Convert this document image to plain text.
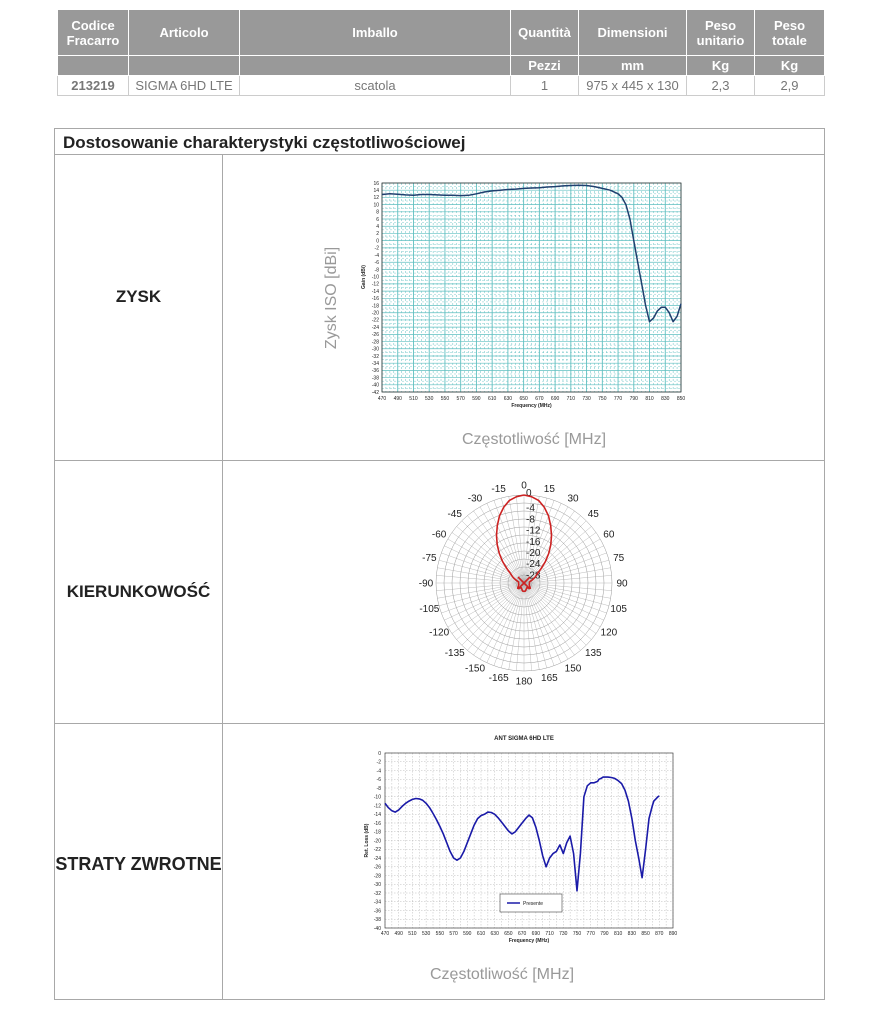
Codice Fracarro	Articolo	Imballo	Quantità	Dimensioni	Peso unitario	Peso totale
			Pezzi	mm	Kg	Kg
213219	SIGMA 6HD LTE	scatola	1	975 x 445 x 130	2,3	2,9
Dostosowanie charakterystyki częstotliwościowej
ZYSK
KIERUNKOWOŚĆ
STRATY ZWROTNE
470 490 510 530 550 570 590 610 630 650 670 690 710 730 750 770 790 810 830 850
16
14
12
10
8
6
4
2
0
-2
-4
-6
-8
-10
-12
-14
-16
-18
-20
-22
-24
-26
-28
-30
-32
-34
-36
-38
-40
-42
Frequency (MHz)
Gain (dBi)
Zysk ISO [dBi]
Częstotliwość [MHz]
0 15
30
45
60
75
90
105
120
135
150
165
180
-165
-150
-135
-120
-105
-90
-75
-60
-45
-30
-15 0
-4
-8
-12
-16
-20
-24
-28
ANT SIGMA 6HD LTE
470 490 510 530 550 570 590 610 630 650 670 690 710 730 750 770 790 810 830 850 870 890
0
-2
-4
-6
-8
-10
-12
-14
-16
-18
-20
-22
-24
-26
-28
-30
-32
-34
-36
-38
-40
Frequency (MHz)
Ret. Loss (dB)
Presente
Częstotliwość [MHz]
